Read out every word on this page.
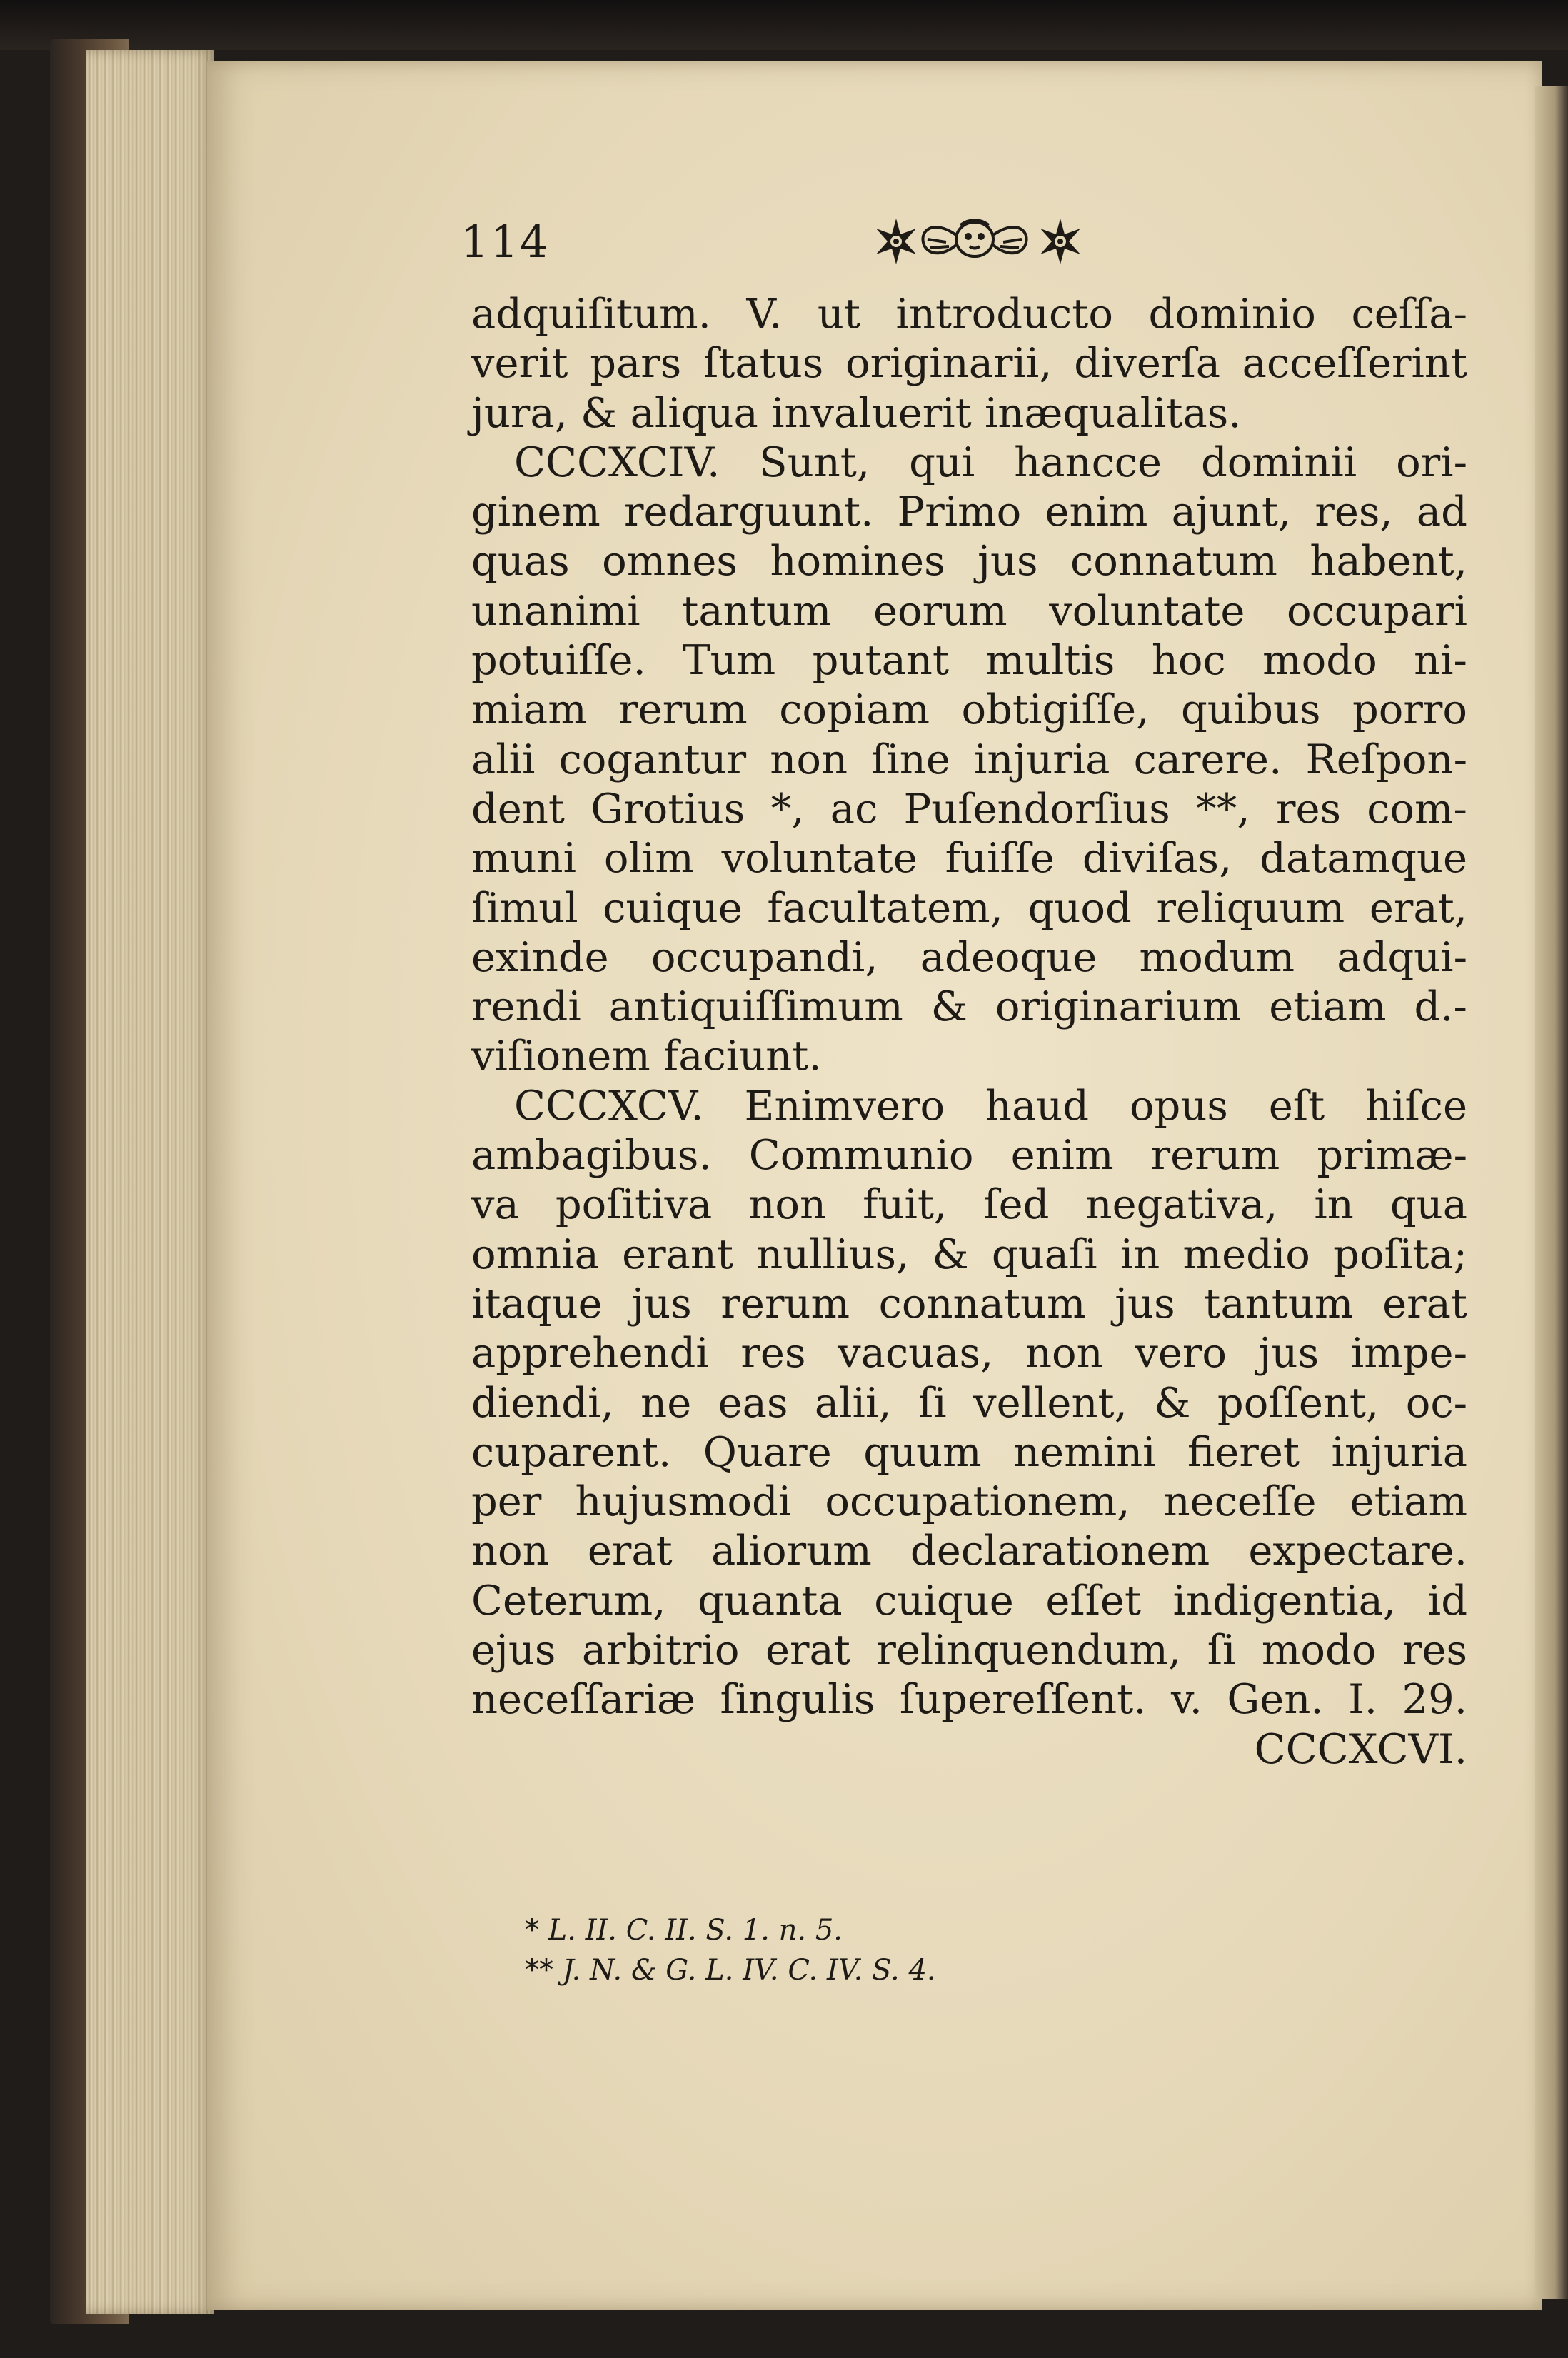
114
adquiſitum. V. ut introducto dominio ceſſa-
verit pars ſtatus originarii, diverſa acceſſerint
jura, & aliqua invaluerit inæqualitas.
CCCXCIV. Sunt, qui hancce dominii ori-
ginem redarguunt. Primo enim ajunt, res, ad
quas omnes homines jus connatum habent,
unanimi tantum eorum voluntate occupari
potuiſſe. Tum putant multis hoc modo ni-
miam rerum copiam obtigiſſe, quibus porro
alii cogantur non ſine injuria carere. Reſpon-
dent Grotius *, ac Puſendorſius **, res com-
muni olim voluntate fuiſſe diviſas, datamque
ſimul cuique facultatem, quod reliquum erat,
exinde occupandi, adeoque modum adqui-
rendi antiquiſſimum & originarium etiam d.-
viſionem faciunt.
CCCXCV. Enimvero haud opus eſt hiſce
ambagibus. Communio enim rerum primæ-
va poſitiva non fuit, ſed negativa, in qua
omnia erant nullius, & quaſi in medio poſita;
itaque jus rerum connatum jus tantum erat
apprehendi res vacuas, non vero jus impe-
diendi, ne eas alii, ſi vellent, & poſſent, oc-
cuparent. Quare quum nemini fieret injuria
per hujusmodi occupationem, neceſſe etiam
non erat aliorum declarationem expectare.
Ceterum, quanta cuique eſſet indigentia, id
ejus arbitrio erat relinquendum, ſi modo res
neceſſariæ ſingulis ſupereſſent. v. Gen. I. 29.
CCCXCVI.
* L. II. C. II. S. 1. n. 5.
** J. N. & G. L. IV. C. IV. S. 4.
